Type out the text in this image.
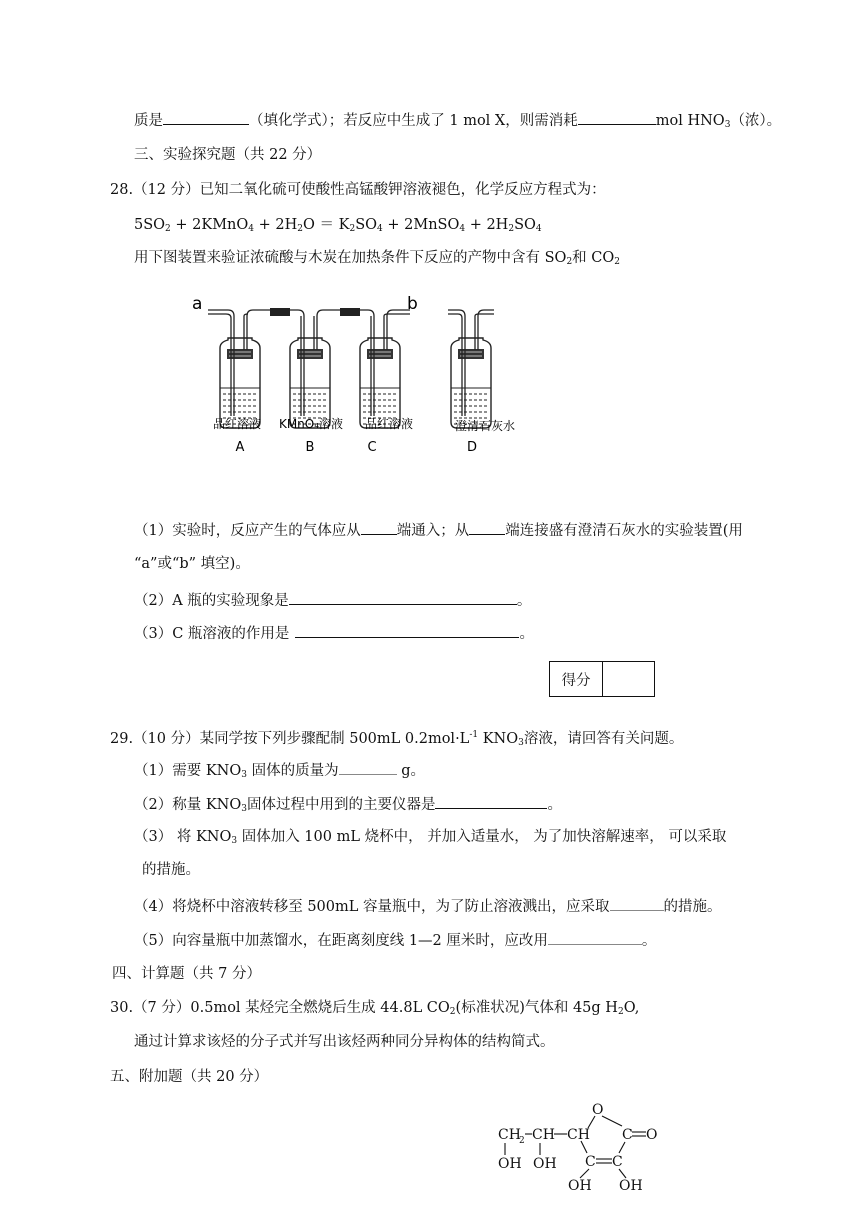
质是	（填化学式）；若反应中生成了 1 mol X，则需消耗	mol $HNO_3$（浓）。
三、实验探究题（共 22 分）
28.（12 分）已知二氧化硫可使酸性高锰酸钾溶液褪色，化学反应方程式为：
$5SO_2$ + 2KMnO$_4$ + $2H_2O = K_2SO_4$ + 2MnSO$_4$ + $2H_2SO_4$
用下图装置来验证浓硫酸与木炭在加热条件下反应的产物中含有 $SO_2$和 $CO_2$
a	b
品红溶液 KMnO₄溶液 品红溶液	澄清石灰水
A	B	C	D
（1）实验时，反应产生的气体应从 端通入；从 端连接盛有澄清石灰水的实验装置(用
“a”或“b” 填空)。
（2）A 瓶的实验现象是	。
（3）C 瓶溶液的作用是	。
得分
29.（10 分）某同学按下列步骤配制 500mL $0.2mol\cdot L^{-1}$ $KNO_3$溶液，请回答有关问题。
（1）需要 $KNO_3$ 固体的质量为	g。
（2）称量 $KNO_3$固体过程中用到的主要仪器是	。
（3） 将 $KNO_3$ 固体加入 100 mL 烧杯中， 并加入适量水， 为了加快溶解速率， 可以采取
的措施。
（4）将烧杯中溶液转移至 500mL 容量瓶中，为了防止溶液溅出，应采取	的措施。
（5）向容量瓶中加蒸馏水，在距离刻度线 1—2 厘米时，应改用	。
四、计算题（共 7 分）
30.（7 分）0.5mol 某烃完全燃烧后生成 44.8L $CO_2$(标准状况)气体和 45g $H_2O$,
通过计算求该烃的分子式并写出该烃两种同分异构体的结构简式。
五、附加题（共 20 分）
O
CH
2 CH CH C O
C C
OH OH
OH OH
